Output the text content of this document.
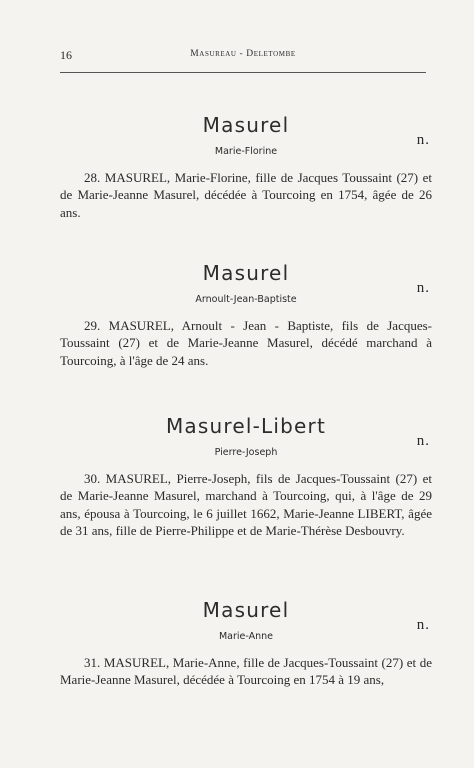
16	Masureau - Deletombe
Masurel
n.
Marie-Florine
28. MASUREL, Marie-Florine, fille de Jacques Toussaint (27) et de Marie-Jeanne Masurel, décédée à Tourcoing en 1754, âgée de 26 ans.
Masurel
n.
Arnoult-Jean-Baptiste
29. MASUREL, Arnoult - Jean - Baptiste, fils de Jacques-Toussaint (27) et de Marie-Jeanne Masurel, décédé marchand à Tourcoing, à l'âge de 24 ans.
Masurel-Libert
n.
Pierre-Joseph
30. MASUREL, Pierre-Joseph, fils de Jacques-Toussaint (27) et de Marie-Jeanne Masurel, marchand à Tourcoing, qui, à l'âge de 29 ans, épousa à Tourcoing, le 6 juillet 1662, Marie-Jeanne LIBERT, âgée de 31 ans, fille de Pierre-Philippe et de Marie-Thérèse Desbouvry.
Masurel
n.
Marie-Anne
31. MASUREL, Marie-Anne, fille de Jacques-Toussaint (27) et de Marie-Jeanne Masurel, décédée à Tourcoing en 1754 à 19 ans,
